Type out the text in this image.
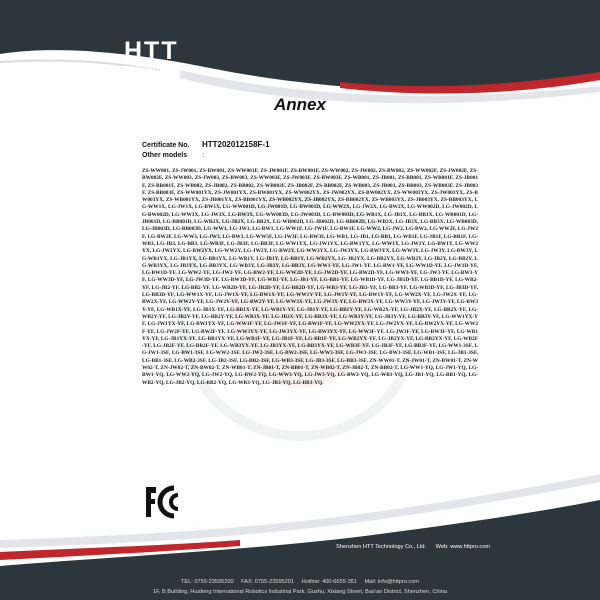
HTT
TECHNOLOGY
Annex
Certificate No. HTT202012158F-1
Other models :
ZS-WW001, ZS-JW001, ZS-BW001, ZS-WW001F, ZS-JW001F, ZS-BW001F, ZS-WW002, ZS-JW002, ZS-BW002, ZS-WW002F, ZS-JW002F, ZS-BW002F, ZS-WW003, ZS-JW003, ZS-BW003, ZS-WW003F, ZS-JW003F, ZS-BW003F, ZS-WB001, ZS-JB001, ZS-BB001, ZS-WB001F, ZS-JB001F, ZS-BB001F, ZS-WB002, ZS-JB002, ZS-BB002, ZS-WB002F, ZS-JB002F, ZS-BB002F, ZS-WB003, ZS-JB003, ZS-BB003, ZS-WB003F, ZS-JB003F, ZS-BB003F, ZS-WW001YX, ZS-JW001YX, ZS-BW001YX, ZS-WW002YX, ZS-JW002YX, ZS-BW002YX, ZS-WW003YX, ZS-JW003YX, ZS-BW003YX, ZS-WB001YX, ZS-JB001YX, ZS-BB001YX, ZS-WB002YX, ZS-JB002YX, ZS-BB002YX, ZS-WB003YX, ZS-JB003YX, ZS-BB003YX, LG-WW1X, LG-JW1X, LG-BW1X, LG-WW001D, LG-JW001D, LG-BW001D, LG-WW2X, LG-JW2X, LG-BW2X, LG-WW002D, LG-JW002D, LG-BW002D, LG-WW3X, LG-JW3X, LG-BW3X, LG-WW003D, LG-JW003D, LG-BW003D, LG-WB1X, LG-JB1X, LG-BB1X, LG-WB001D, LG-JB001D, LG-BB001D, LG-WB2X, LG-JB2X, LG-BB2X, LG-WB002D, LG-JB002D, LG-BB002D, LG-WB3X, LG-JB3X, LG-BB3X, LG-WB003D, LG-JB003D, LG-BB003D, LG-WW1, LG-JW1, LG-BW1, LG-WW1F, LG-JW1F, LG-BW1F, LG-WW2, LG-JW2, LG-BW2, LG-WW2F, LG-JW2F, LG-BW2F, LG-WW3, LG-JW3, LG-BW3, LG-WW3F, LG-JW3F, LG-BW3F, LG-WB1, LG-JB1, LG-BB1, LG-WB1F, LG-JB1F, LG-BB1F, LG-WB3, LG-JB3, LG-BB3, LG-WB3F, LG-JB3F, LG-BB3F, LG-WW1YX, LG-JW1YX, LG-BW1YX, LG-WW1Y, LG-JW1Y, LG-BW1Y, LG-WW2YX, LG-JW2YX, LG-BW2YX, LG-WW2Y, LG-JW2Y, LG-BW2Y, LG-WW3YX, LG-JW3YX, LG-BW3YX, LG-WW3Y, LG-JW3Y, LG-BW3Y, LG-WB1YX, LG-JB1YX, LG-BB1YX, LG-WB1Y, LG-JB1Y, LG-BB1Y, LG-WB2YX, LG-JB2YX, LG-BB2YX, LG-WB2Y, LG-JB2Y, LG-BB2Y, LG-WB3YX, LG-JB3YX, LG-BB3YX, LG-WB3Y, LG-JB3Y, LG-BB3Y, LG-WW1-YF, LG-JW1-YF, LG-BW1-YF, LG-WW1D-YF, LG-JW1D-YF, LG-BW1D-YF, LG-WW2-YF, LG-JW2-YF, LG-BW2-YF, LG-WW2D-YF, LG-JW2D-YF, LG-BW2D-YF, LG-WW3-YF, LG-JW3-YF, LG-BW3-YF, LG-WW3D-YF, LG-JW3D-YF, LG-BW3D-YF, LG-WB1-YF, LG-JB1-YF, LG-BB1-YF, LG-WB1D-YF, LG-JB1D-YF, LG-BB1D-YF, LG-WB2-YF, LG-JB2-YF, LG-BB2-YF, LG-WB2D-YF, LG-JB2D-YF, LG-BB2D-YF, LG-WB3-YF, LG-JB3-YF, LG-BB3-YF, LG-WB3D-YF, LG-JB3D-YF, LG-BB3D-YF, LG-WW1X-YF, LG-JW1X-YF, LG-BW1X-YF, LG-WW1Y-YF, LG-JW1Y-YF, LG-BW1Y-YF, LG-WW2X-YF, LG-JW2X-YF, LG-BW2X-YF, LG-WW2Y-YF, LG-JW2Y-YF, LG-BW2Y-YF, LG-WW3X-YF, LG-JW3X-YF, LG-BW3X-YF, LG-WW3Y-YF, LG-JW3Y-YF, LG-BW3Y-YF, LG-WB1X-YF, LG-JB1X-YF, LG-BB1X-YF, LG-WB1Y-YF, LG-JB1Y-YF, LG-BB1Y-YF, LG-WB2X-YF, LG-JB2X-YF, LG-BB2X-YF, LG-WB2Y-YF, LG-JB2Y-YF, LG-BB2Y-YF, LG-WB3X-YF, LG-JB3X-YF, LG-BB3X-YF, LG-WB3Y-YF, LG-JB3Y-YF, LG-BB3Y-YF, LG-WW1YX-YF, LG-JW1YX-YF, LG-BW1YX-YF, LG-WW1F-YF, LG-JW1F-YF, LG-BW1F-YF, LG-WW2YX-YF, LG-JW2YX-YF, LG-BW2YX-YF, LG-WW2F-YF, LG-JW2F-YF, LG-BW2F-YF, LG-WW3YX-YF, LG-JW3YX-YF, LG-BW3YX-YF, LG-WW3F-YF, LG-JW3F-YF, LG-BW3F-YF, LG-WB1YX-YF, LG-JB1YX-YF, LG-BB1YX-YF, LG-WB1F-YF, LG-JB1F-YF, LG-BB1F-YF, LG-WB2YX-YF, LG-JB2YX-YF, LG-BB2YX-YF, LG-WB2F-YF, LG-JB2F-YF, LG-BB2F-YF, LG-WB3YX-YF, LG-JB3YX-YF, LG-BB3YX-YF, LG-WB3F-YF, LG-JB3F-YF, LG-BB3F-YF, LG-WW1-3SF, LG-JW1-3SF, LG-BW1-3SF, LG-WW2-3SF, LG-JW2-3SF, LG-BW2-3SF, LG-WW3-3SF, LG-JW3-3SF, LG-BW3-3SF, LG-WB1-3SF, LG-JB1-3SF, LG-BB1-3SF, LG-WB2-3SF, LG-JB2-3SF, LG-BB2-3SF, LG-WB3-3SF, LG-JB3-3SF, LG-BB3-3SF, ZN-WW01-T, ZN-JW01-T, ZN-BW01-T, ZN-WW02-T, ZN-JW02-T, ZN-BW02-T, ZN-WB01-T, ZN-JB01-T, ZN-BB01-T, ZN-WB02-T, ZN-JB02-T, ZN-BB02-T, LG-WW1-YQ, LG-JW1-YQ, LG-BW1-YQ, LG-WW2-YQ, LG-JW2-YQ, LG-BW2-YQ, LG-WW3-YQ, LG-JW3-YQ, LG-BW3-YQ, LG-WB1-YQ, LG-JB1-YQ, LG-BB1-YQ, LG-WB2-YQ, LG-JB2-YQ, LG-BB2-YQ, LG-WB3-YQ, LG-JB3-YQ, LG-BB3-YQ.
Shenzhen HTT Technology Co., Ltd. Web: www.httpro.com
TEL: 0755-23595200 FAX: 0755-23595201 Hotline: 400-6655-351 Mail: info@httpro.com
1F, B Building, Huafeng International Robotics Industrial Park, Gushu, Xixiang Street, Bao'an District, Shenzhen, China
